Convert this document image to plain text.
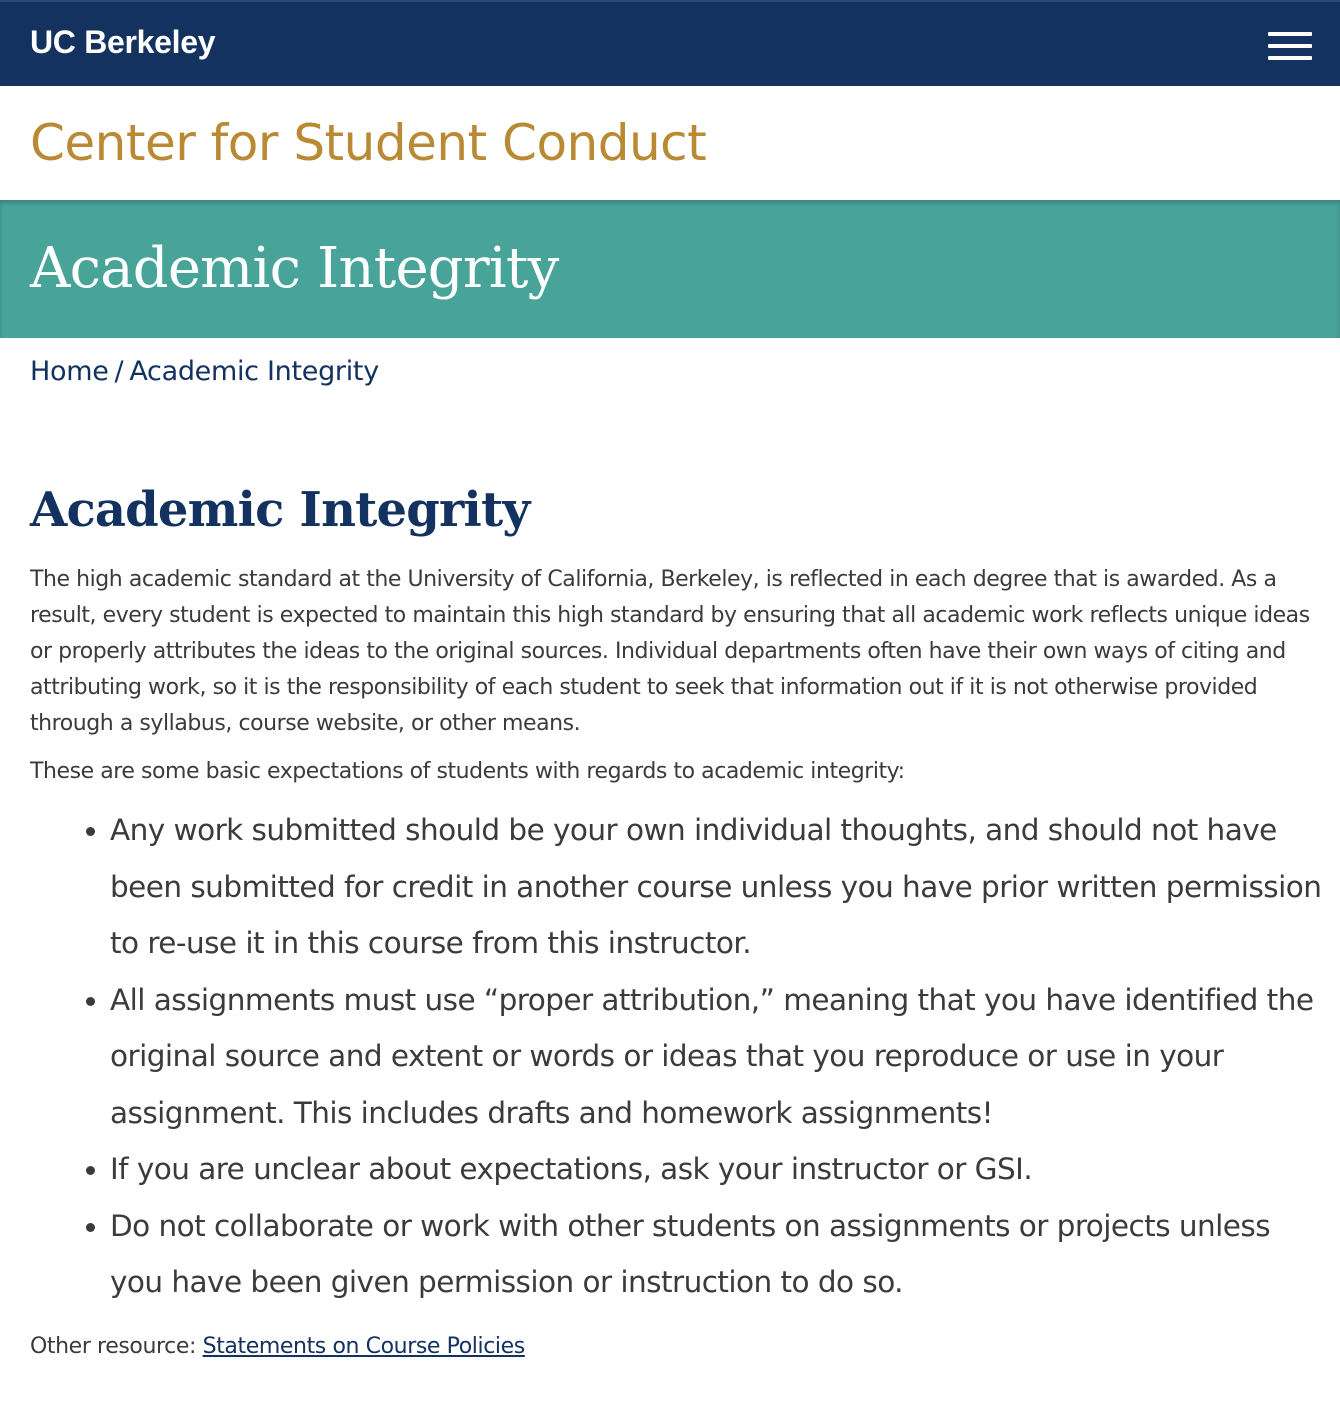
UC Berkeley
Center for Student Conduct
Academic Integrity
Home / Academic Integrity
Academic Integrity

The high academic standard at the University of California, Berkeley, is reflected in each degree that is awarded. As a result, every student is expected to maintain this high standard by ensuring that all academic work reflects unique ideas or properly attributes the ideas to the original sources. Individual departments often have their own ways of citing and attributing work, so it is the responsibility of each student to seek that information out if it is not otherwise provided through a syllabus, course website, or other means.

These are some basic expectations of students with regards to academic integrity:

• Any work submitted should be your own individual thoughts, and should not have been submitted for credit in another course unless you have prior written permission to re-use it in this course from this instructor.
• All assignments must use “proper attribution,” meaning that you have identified the original source and extent or words or ideas that you reproduce or use in your assignment. This includes drafts and homework assignments!
• If you are unclear about expectations, ask your instructor or GSI.
• Do not collaborate or work with other students on assignments or projects unless you have been given permission or instruction to do so.

Other resource: Statements on Course Policies
